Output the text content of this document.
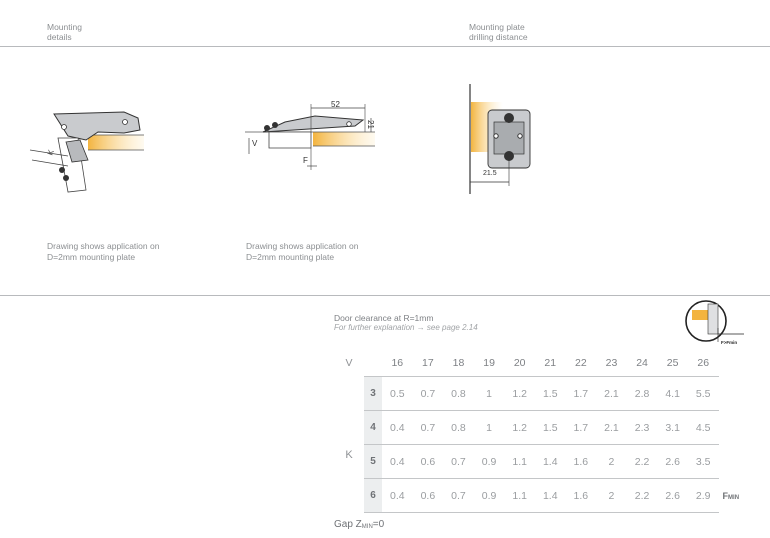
Mounting
details
Mounting plate
drilling distance
K
52
21
V
F
21.5
Drawing shows application on
D=2mm mounting plate
Drawing shows application on
D=2mm mounting plate
Door clearance at R=1mm
For further explanation → see page 2.14
F>Fmin
V		16	17	18	19	20	21	22	23	24	25	26	
	3	0.5	0.7	0.8	1	1.2	1.5	1.7	2.1	2.8	4.1	5.5	
K	4	0.4	0.7	0.8	1	1.2	1.5	1.7	2.1	2.3	3.1	4.5	
	5	0.4	0.6	0.7	0.9	1.1	1.4	1.6	2	2.2	2.6	3.5	
	6	0.4	0.6	0.7	0.9	1.1	1.4	1.6	2	2.2	2.6	2.9	FMIN
Gap $Z_{MIN}=0$
